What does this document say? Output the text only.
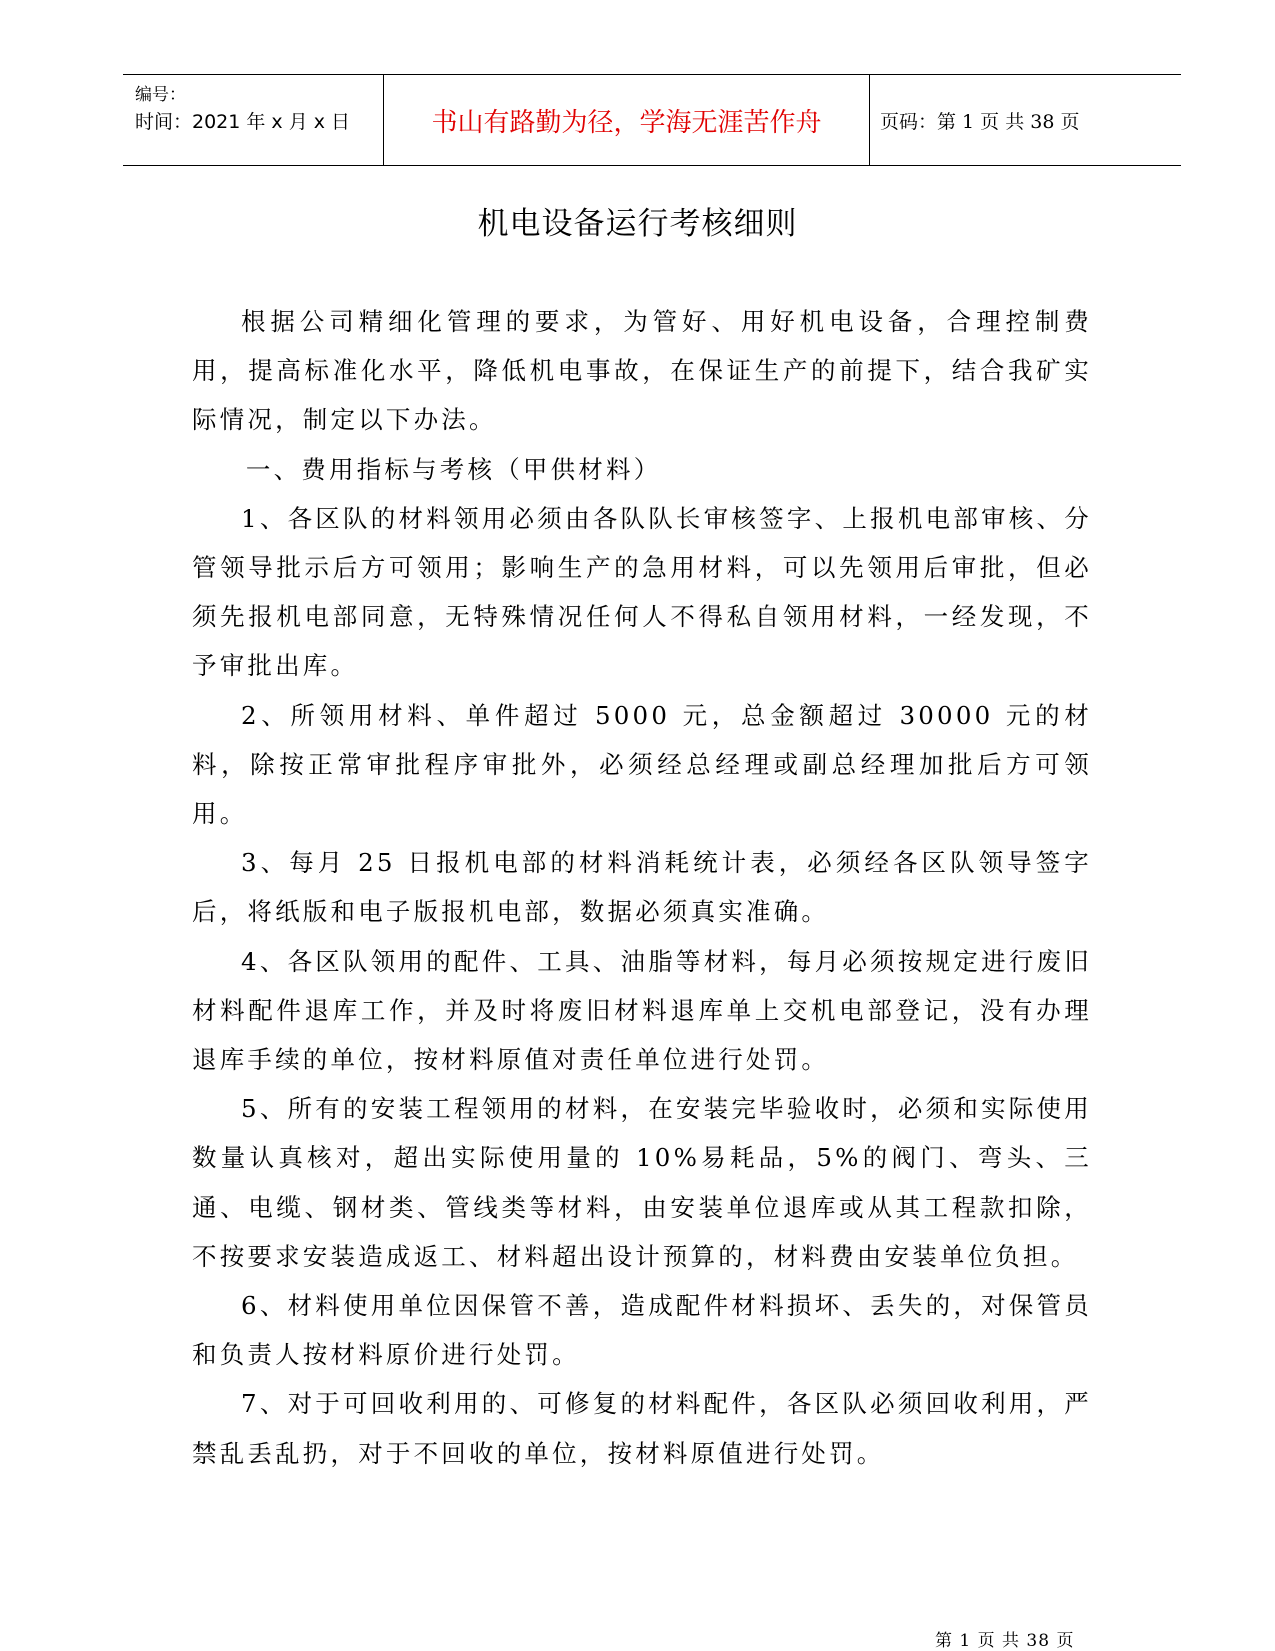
编号：
时间：2021 年 x 月 x 日	书山有路勤为径，学海无涯苦作舟	页码：第 1 页 共 38 页
机电设备运行考核细则

根据公司精细化管理的要求，为管好、用好机电设备，合理控制费用，提高标准化水平，降低机电事故，在保证生产的前提下，结合我矿实际情况，制定以下办法。

一、费用指标与考核（甲供材料）

1、各区队的材料领用必须由各队队长审核签字、上报机电部审核、分管领导批示后方可领用；影响生产的急用材料，可以先领用后审批，但必须先报机电部同意，无特殊情况任何人不得私自领用材料，一经发现，不予审批出库。

2、所领用材料、单件超过 5000 元，总金额超过 30000 元的材料，除按正常审批程序审批外，必须经总经理或副总经理加批后方可领用。

3、每月 25 日报机电部的材料消耗统计表，必须经各区队领导签字后，将纸版和电子版报机电部，数据必须真实准确。

4、各区队领用的配件、工具、油脂等材料，每月必须按规定进行废旧材料配件退库工作，并及时将废旧材料退库单上交机电部登记，没有办理退库手续的单位，按材料原值对责任单位进行处罚。

5、所有的安装工程领用的材料，在安装完毕验收时，必须和实际使用数量认真核对，超出实际使用量的 10%易耗品，5%的阀门、弯头、三通、电缆、钢材类、管线类等材料，由安装单位退库或从其工程款扣除，不按要求安装造成返工、材料超出设计预算的，材料费由安装单位负担。

6、材料使用单位因保管不善，造成配件材料损坏、丢失的，对保管员和负责人按材料原价进行处罚。

7、对于可回收利用的、可修复的材料配件，各区队必须回收利用，严禁乱丢乱扔，对于不回收的单位，按材料原值进行处罚。

第 1 页 共 38 页
